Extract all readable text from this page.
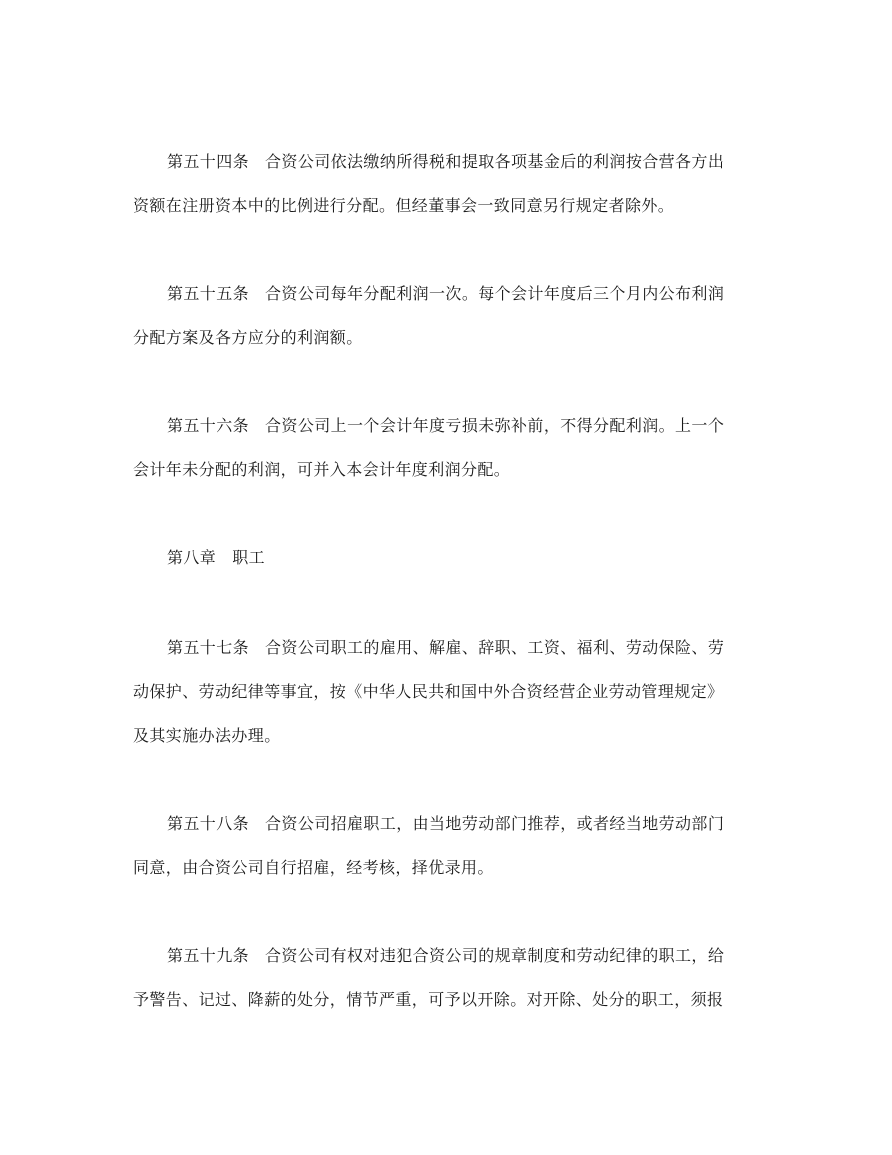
第五十四条 合资公司依法缴纳所得税和提取各项基金后的利润按合营各方出
资额在注册资本中的比例进行分配。但经董事会一致同意另行规定者除外。

第五十五条 合资公司每年分配利润一次。每个会计年度后三个月内公布利润
分配方案及各方应分的利润额。

第五十六条 合资公司上一个会计年度亏损未弥补前，不得分配利润。上一个
会计年未分配的利润，可并入本会计年度利润分配。

第八章 职工

第五十七条 合资公司职工的雇用、解雇、辞职、工资、福利、劳动保险、劳
动保护、劳动纪律等事宜，按《中华人民共和国中外合资经营企业劳动管理规定》
及其实施办法办理。

第五十八条 合资公司招雇职工，由当地劳动部门推荐，或者经当地劳动部门
同意，由合资公司自行招雇，经考核，择优录用。

第五十九条 合资公司有权对违犯合资公司的规章制度和劳动纪律的职工，给
予警告、记过、降薪的处分，情节严重，可予以开除。对开除、处分的职工，须报
